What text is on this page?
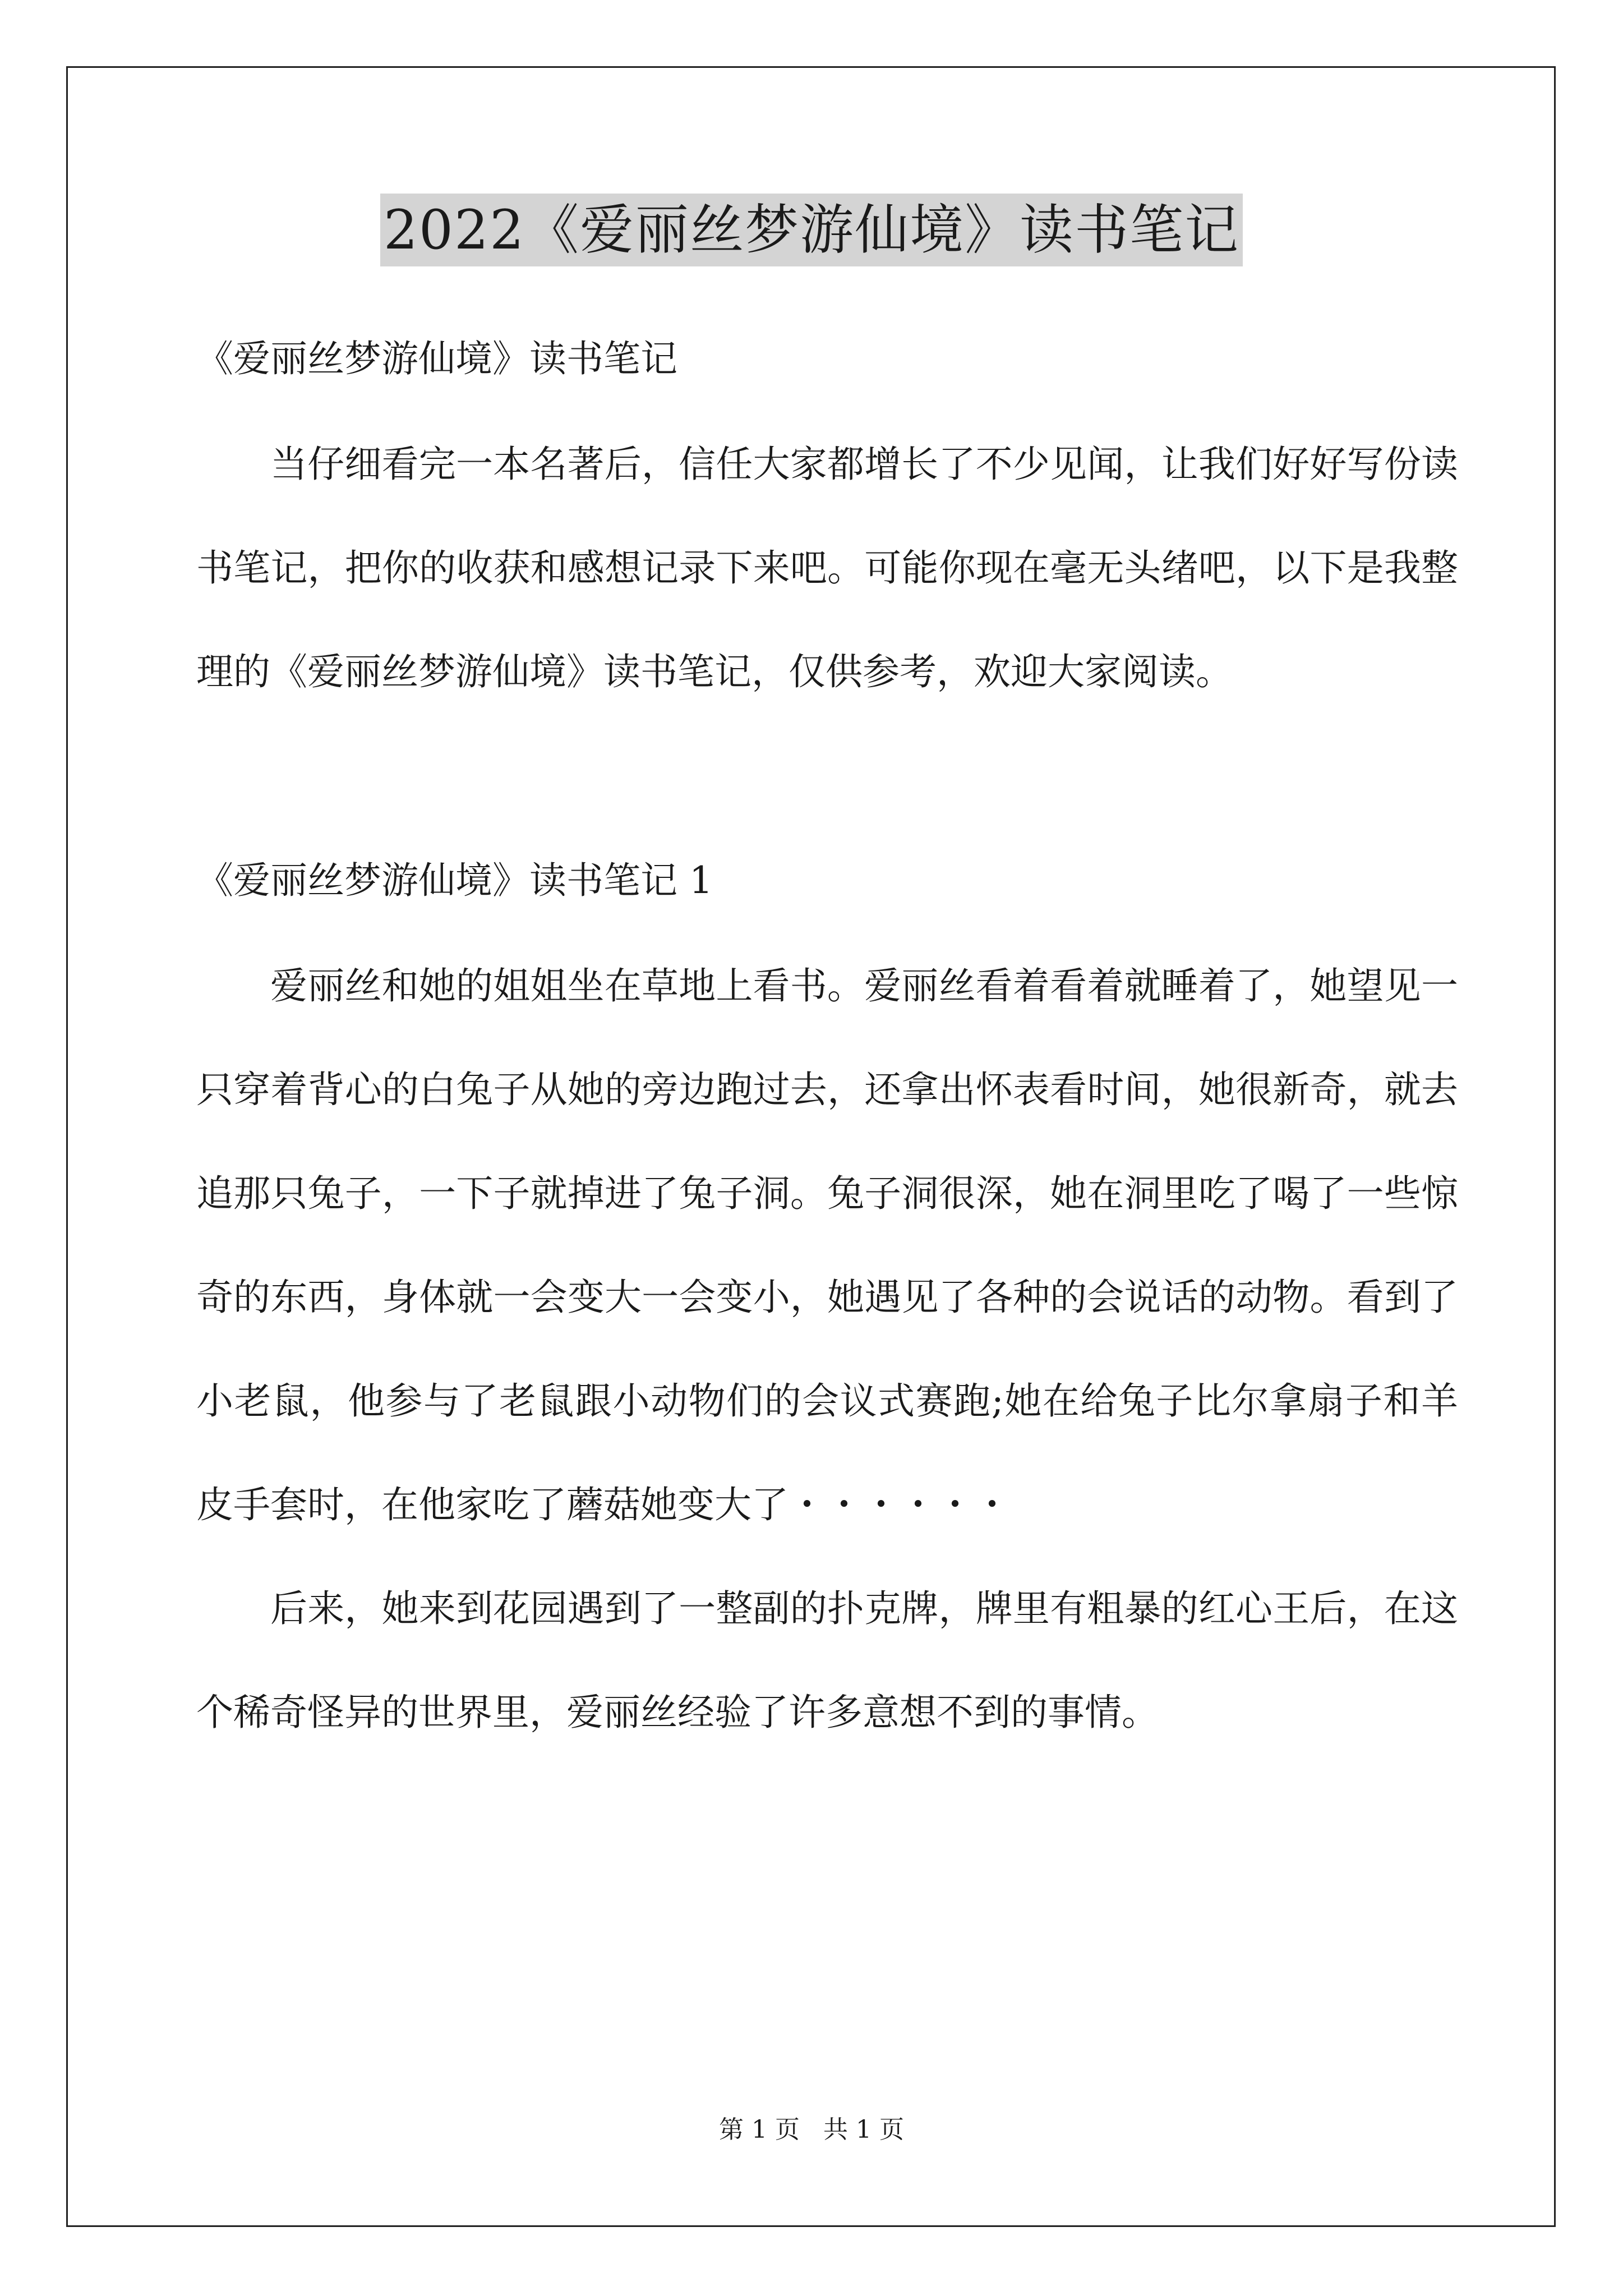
2022《爱丽丝梦游仙境》读书笔记

《爱丽丝梦游仙境》读书笔记

当仔细看完一本名著后，信任大家都增长了不少见闻，让我们好好写份读书笔记，把你的收获和感想记录下来吧。可能你现在毫无头绪吧，以下是我整理的《爱丽丝梦游仙境》读书笔记，仅供参考，欢迎大家阅读。

《爱丽丝梦游仙境》读书笔记 1

爱丽丝和她的姐姐坐在草地上看书。爱丽丝看着看着就睡着了，她望见一只穿着背心的白兔子从她的旁边跑过去，还拿出怀表看时间，她很新奇，就去追那只兔子，一下子就掉进了兔子洞。兔子洞很深，她在洞里吃了喝了一些惊奇的东西，身体就一会变大一会变小，她遇见了各种的会说话的动物。看到了小老鼠，他参与了老鼠跟小动物们的会议式赛跑;她在给兔子比尔拿扇子和羊皮手套时，在他家吃了蘑菇她变大了・・・・・・

后来，她来到花园遇到了一整副的扑克牌，牌里有粗暴的红心王后，在这个稀奇怪异的世界里，爱丽丝经验了许多意想不到的事情。

第 1 页 共 1 页
